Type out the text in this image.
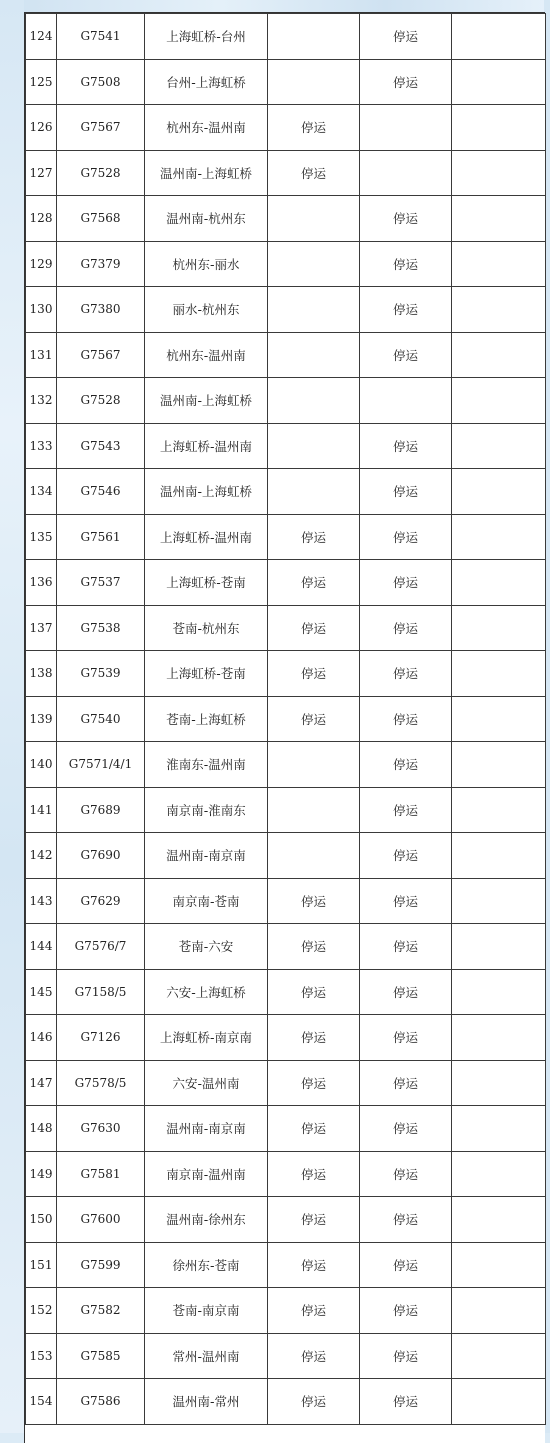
124	G7541	上海虹桥-台州		停运	
125	G7508	台州-上海虹桥		停运	
126	G7567	杭州东-温州南	停运		
127	G7528	温州南-上海虹桥	停运		
128	G7568	温州南-杭州东		停运	
129	G7379	杭州东-丽水		停运	
130	G7380	丽水-杭州东		停运	
131	G7567	杭州东-温州南		停运	
132	G7528	温州南-上海虹桥			
133	G7543	上海虹桥-温州南		停运	
134	G7546	温州南-上海虹桥		停运	
135	G7561	上海虹桥-温州南	停运	停运	
136	G7537	上海虹桥-苍南	停运	停运	
137	G7538	苍南-杭州东	停运	停运	
138	G7539	上海虹桥-苍南	停运	停运	
139	G7540	苍南-上海虹桥	停运	停运	
140	G7571/4/1	淮南东-温州南		停运	
141	G7689	南京南-淮南东		停运	
142	G7690	温州南-南京南		停运	
143	G7629	南京南-苍南	停运	停运	
144	G7576/7	苍南-六安	停运	停运	
145	G7158/5	六安-上海虹桥	停运	停运	
146	G7126	上海虹桥-南京南	停运	停运	
147	G7578/5	六安-温州南	停运	停运	
148	G7630	温州南-南京南	停运	停运	
149	G7581	南京南-温州南	停运	停运	
150	G7600	温州南-徐州东	停运	停运	
151	G7599	徐州东-苍南	停运	停运	
152	G7582	苍南-南京南	停运	停运	
153	G7585	常州-温州南	停运	停运	
154	G7586	温州南-常州	停运	停运	
